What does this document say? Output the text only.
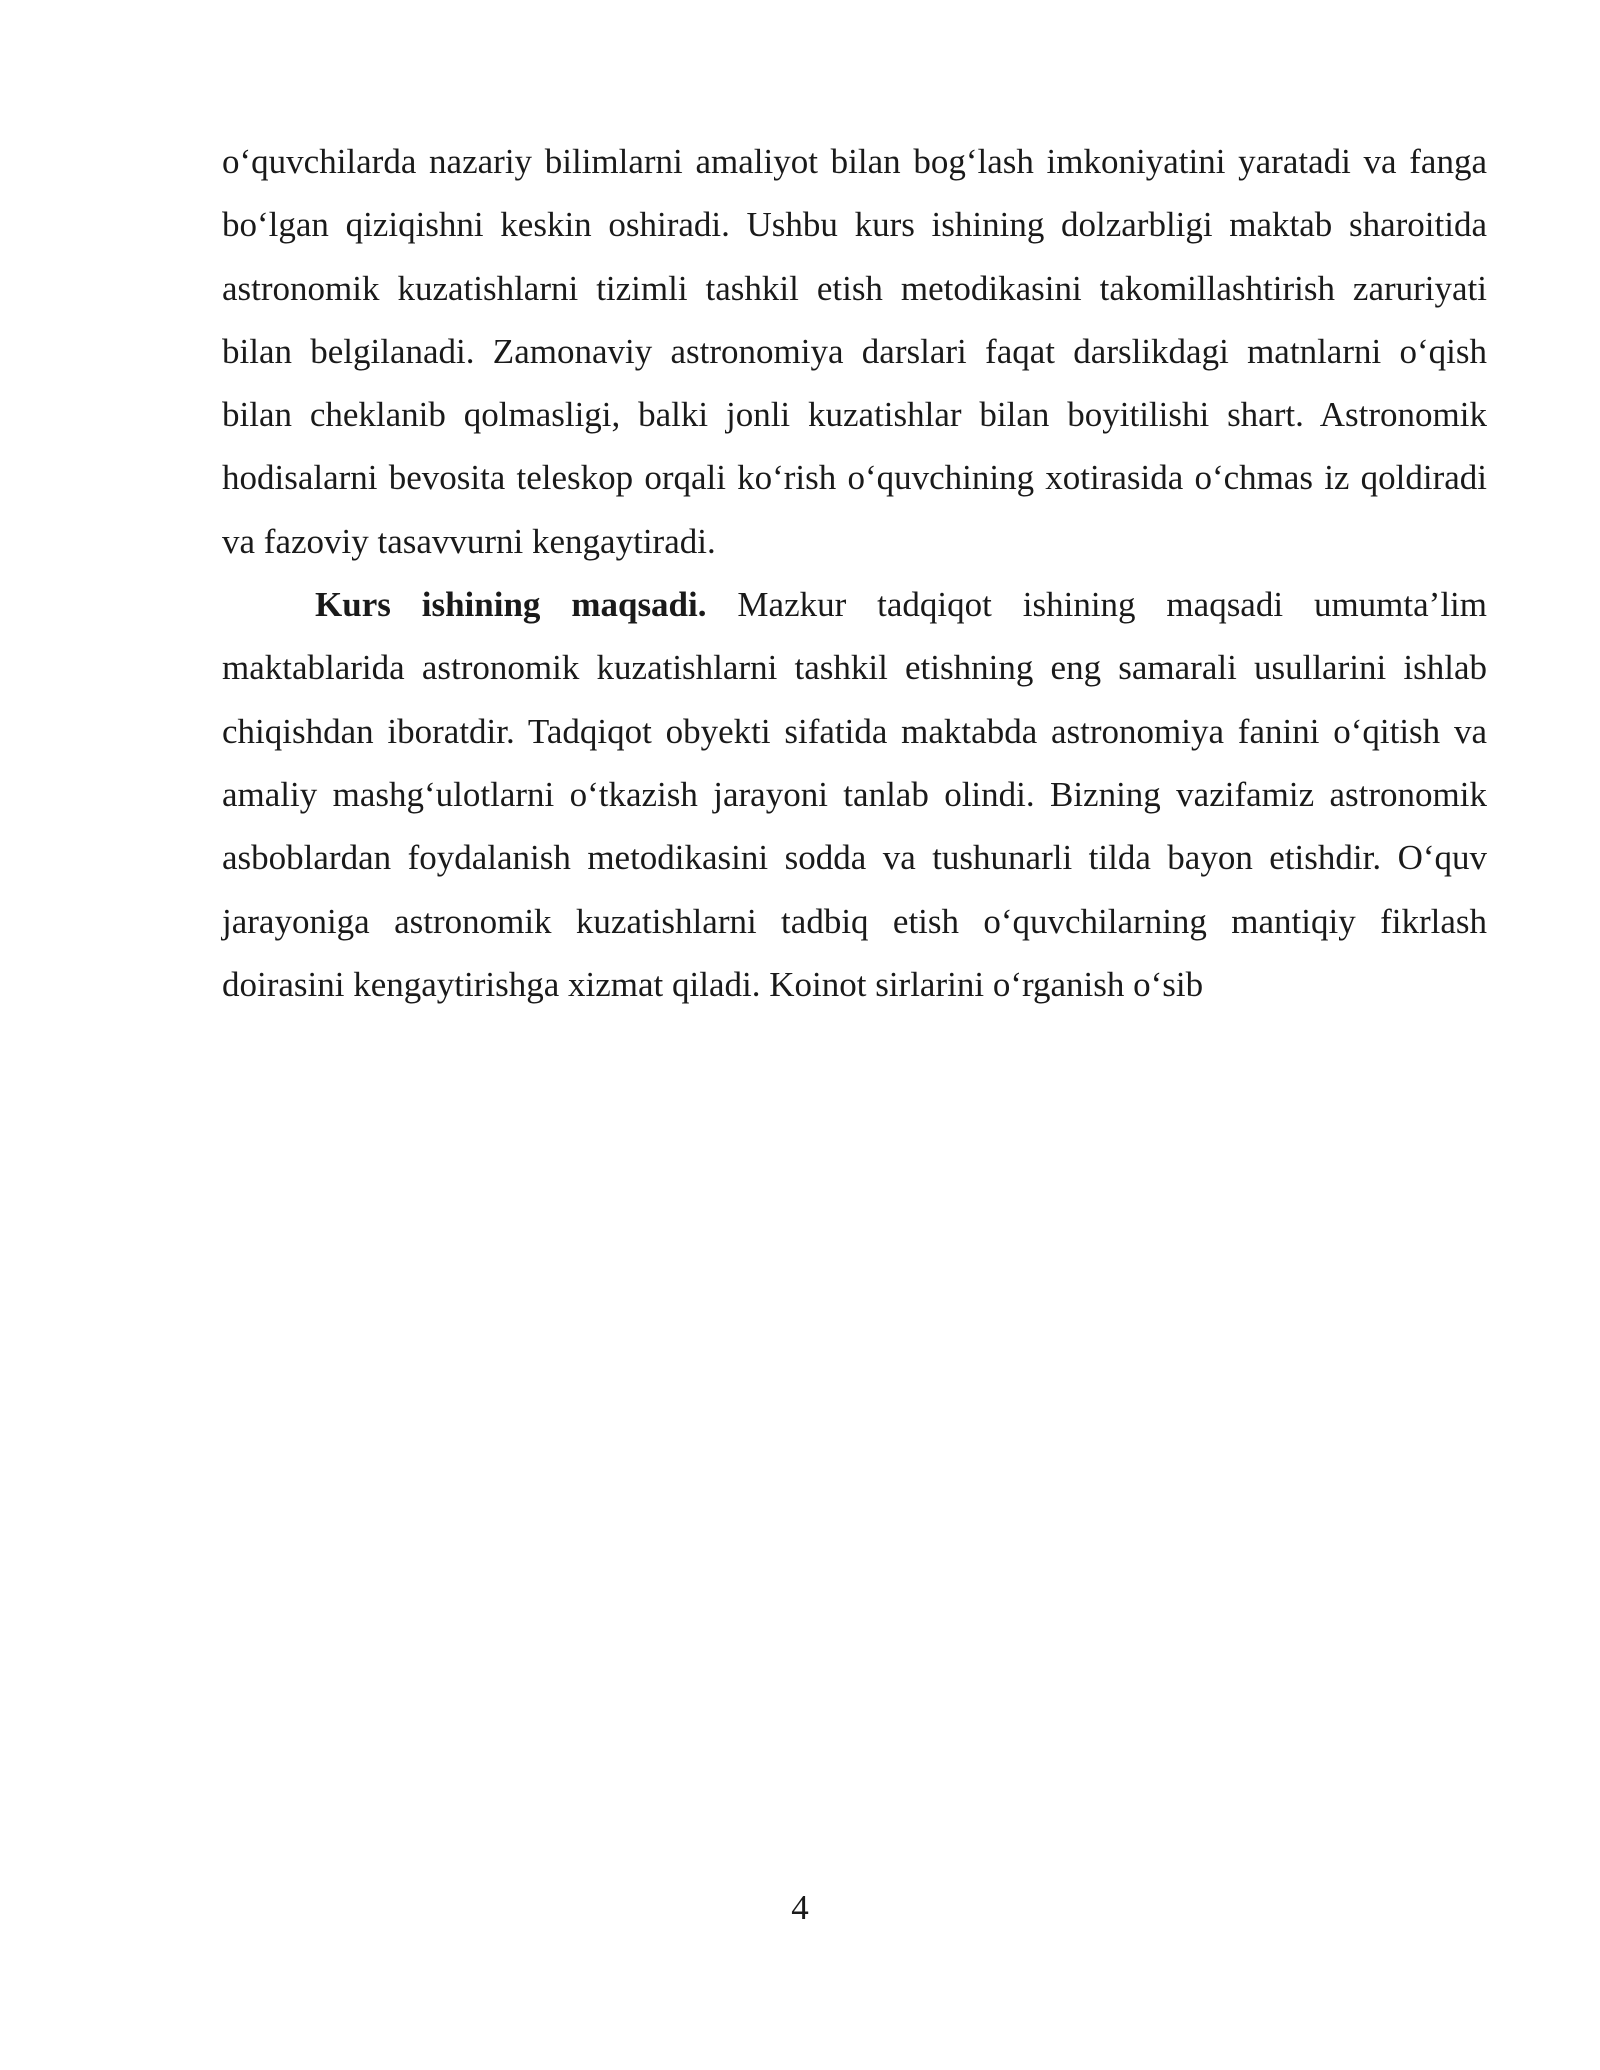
o‘quvchilarda nazariy bilimlarni amaliyot bilan bog‘lash imkoniyatini yaratadi va fanga bo‘lgan qiziqishni keskin oshiradi. Ushbu kurs ishining dolzarbligi maktab sharoitida astronomik kuzatishlarni tizimli tashkil etish metodikasini takomillashtirish zaruriyati bilan belgilanadi. Zamonaviy astronomiya darslari faqat darslikdagi matnlarni o‘qish bilan cheklanib qolmasligi, balki jonli kuzatishlar bilan boyitilishi shart. Astronomik hodisalarni bevosita teleskop orqali ko‘rish o‘quvchining xotirasida o‘chmas iz qoldiradi va fazoviy tasavvurni kengaytiradi.

Kurs ishining maqsadi. Mazkur tadqiqot ishining maqsadi umumta’lim maktablarida astronomik kuzatishlarni tashkil etishning eng samarali usullarini ishlab chiqishdan iboratdir. Tadqiqot obyekti sifatida maktabda astronomiya fanini o‘qitish va amaliy mashg‘ulotlarni o‘tkazish jarayoni tanlab olindi. Bizning vazifamiz astronomik asboblardan foydalanish metodikasini sodda va tushunarli tilda bayon etishdir. O‘quv jarayoniga astronomik kuzatishlarni tadbiq etish o‘quvchilarning mantiqiy fikrlash doirasini kengaytirishga xizmat qiladi. Koinot sirlarini o‘rganish o‘sib

4
